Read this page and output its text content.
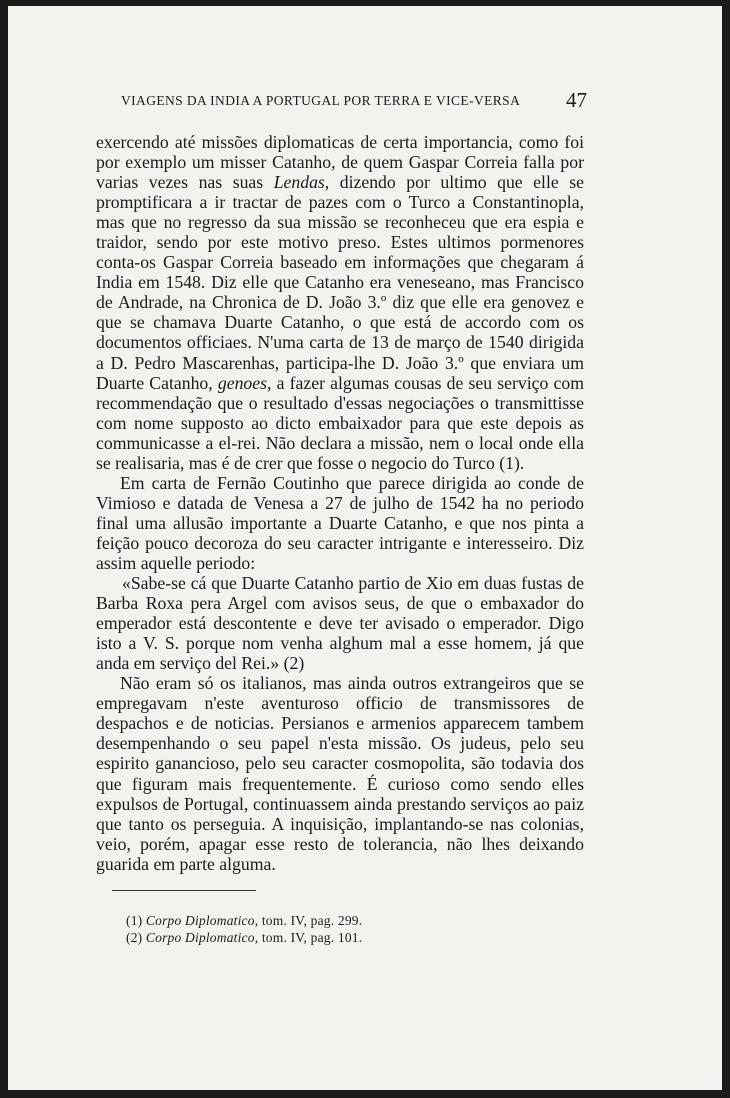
VIAGENS DA INDIA A PORTUGAL POR TERRA E VICE-VERSA 47

exercendo até missões diplomaticas de certa importancia, como foi por exemplo um misser Catanho, de quem Gaspar Correia falla por varias vezes nas suas Lendas, dizendo por ultimo que elle se promptificara a ir tractar de pazes com o Turco a Constantinopla, mas que no regresso da sua missão se reconheceu que era espia e traidor, sendo por este motivo preso. Estes ultimos pormenores conta-os Gaspar Correia baseado em informações que chegaram á India em 1548. Diz elle que Catanho era veneseano, mas Francisco de Andrade, na Chronica de D. João 3.º diz que elle era genovez e que se chamava Duarte Catanho, o que está de accordo com os documentos officiaes. N'uma carta de 13 de março de 1540 dirigida a D. Pedro Mascarenhas, participa-lhe D. João 3.º que enviara um Duarte Catanho, genoes, a fazer algumas cousas de seu serviço com recommendação que o resultado d'essas negociações o transmittisse com nome supposto ao dicto embaixador para que este depois as communicasse a el-rei. Não declara a missão, nem o local onde ella se realisaria, mas é de crer que fosse o negocio do Turco (1).

Em carta de Fernão Coutinho que parece dirigida ao conde de Vimioso e datada de Venesa a 27 de julho de 1542 ha no periodo final uma allusão importante a Duarte Catanho, e que nos pinta a feição pouco decoroza do seu caracter intrigante e interesseiro. Diz assim aquelle periodo:

«Sabe-se cá que Duarte Catanho partio de Xio em duas fustas de Barba Roxa pera Argel com avisos seus, de que o embaxador do emperador está descontente e deve ter avisado o emperador. Digo isto a V. S. porque nom venha alghum mal a esse homem, já que anda em serviço del Rei.» (2)

Não eram só os italianos, mas ainda outros extrangeiros que se empregavam n'este aventuroso officio de transmissores de despachos e de noticias. Persianos e armenios apparecem tambem desempenhando o seu papel n'esta missão. Os judeus, pelo seu espirito ganancioso, pelo seu caracter cosmopolita, são todavia dos que figuram mais frequentemente. É curioso como sendo elles expulsos de Portugal, continuassem ainda prestando serviços ao paiz que tanto os perseguia. A inquisição, implantando-se nas colonias, veio, porém, apagar esse resto de tolerancia, não lhes deixando guarida em parte alguma.

(1) Corpo Diplomatico, tom. IV, pag. 299.
(2) Corpo Diplomatico, tom. IV, pag. 101.
